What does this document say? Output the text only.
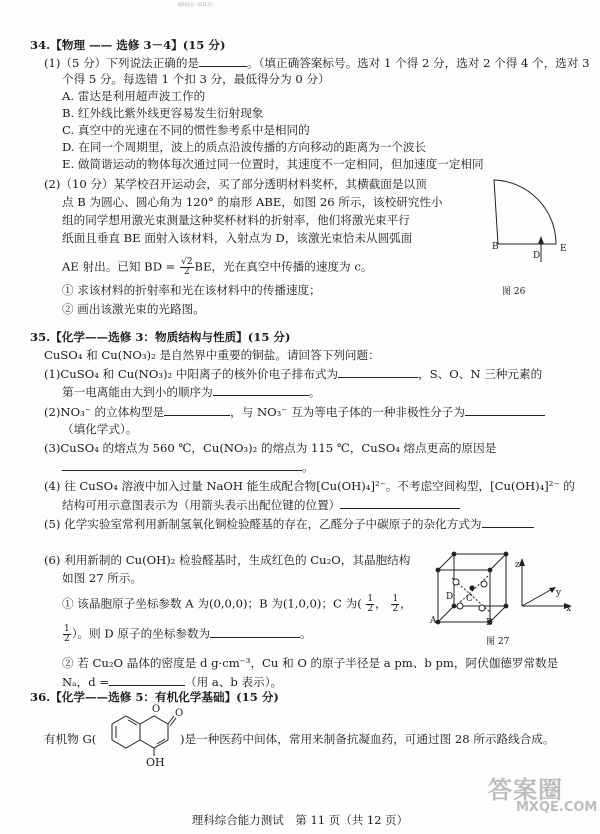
理科综合（第11页）
34.【物理 —— 选修 3－4】(15 分)
(1)（5 分）下列说法正确的是	。（填正确答案标号。选对 1 个得 2 分，选对 2 个得 4 个，选对 3
个得 5 分。每选错 1 个扣 3 分，最低得分为 0 分）
A. 雷达是利用超声波工作的
B. 红外线比紫外线更容易发生衍射现象
C. 真空中的光速在不同的惯性参考系中是相同的
D. 在同一个周期里，波上的质点沿波传播的方向移动的距离为一个波长
E. 做简谐运动的物体每次通过同一位置时，其速度不一定相同，但加速度一定相同
(2)（10 分）某学校召开运动会，买了部分透明材料奖杯，其横截面是以顶
点 B 为圆心、圆心角为 120° 的扇形 ABE，如图 26 所示，该校研究性小
组的同学想用激光束测量这种奖杯材料的折射率，他们将激光束平行
纸面且垂直 BE 面射入该材料，入射点为 D，该激光束恰未从圆弧面
AE 射出。已知 BD = $\frac{√2}{2}$ BE，光在真空中传播的速度为 c。
① 求该材料的折射率和光在该材料中的传播速度；
② 画出该激光束的光路图。
B	E
D
图 26
35.【化学——选修 3：物质结构与性质】(15 分)
CuSO₄ 和 Cu(NO₃)₂ 是自然界中重要的铜盐。请回答下列问题：
(1)CuSO₄ 和 Cu(NO₃)₂ 中阳离子的核外价电子排布式为	，S、O、N 三种元素的
第一电离能由大到小的顺序为	。
(2)NO₃⁻ 的立体构型是	，与 NO₃⁻ 互为等电子体的一种非极性分子为
（填化学式）。
(3)CuSO₄ 的熔点为 560 ℃，Cu(NO₃)₂ 的熔点为 115 ℃，CuSO₄ 熔点更高的原因是
。
(4) 往 CuSO₄ 溶液中加入过量 NaOH 能生成配合物[Cu(OH)₄]²⁻。不考虑空间构型，[Cu(OH)₄]²⁻ 的
结构可用示意图表示为（用箭头表示出配位键的位置）
(5) 化学实验室常利用新制氢氧化铜检验醛基的存在，乙醛分子中碳原子的杂化方式为
(6) 利用新制的 Cu(OH)₂ 检验醛基时，生成红色的 Cu₂O，其晶胞结构
如图 27 所示。
① 该晶胞原子坐标参数 A 为(0,0,0)；B 为(1,0,0)；C 为( $\frac{1}{2}$ ， $\frac{1}{2}$ ，
$\frac{1}{2}$ ）。则 D 原子的坐标参数为	。
② 若 Cu₂O 晶体的密度是 d g·cm⁻³，Cu 和 O 的原子半径是 a pm、b pm，阿伏伽德罗常数是
Nₐ，d =	（用 a、b 表示）。
D C
A	B
z
y
x
图 27
36.【化学——选修 5：有机化学基础】(15 分)
有机物 G(	)是一种医药中间体，常用来制备抗凝血药，可通过图 28 所示路线合成。
O O
OH
答案圈
MXQE.COM
理科综合能力测试　第 11 页（共 12 页）
